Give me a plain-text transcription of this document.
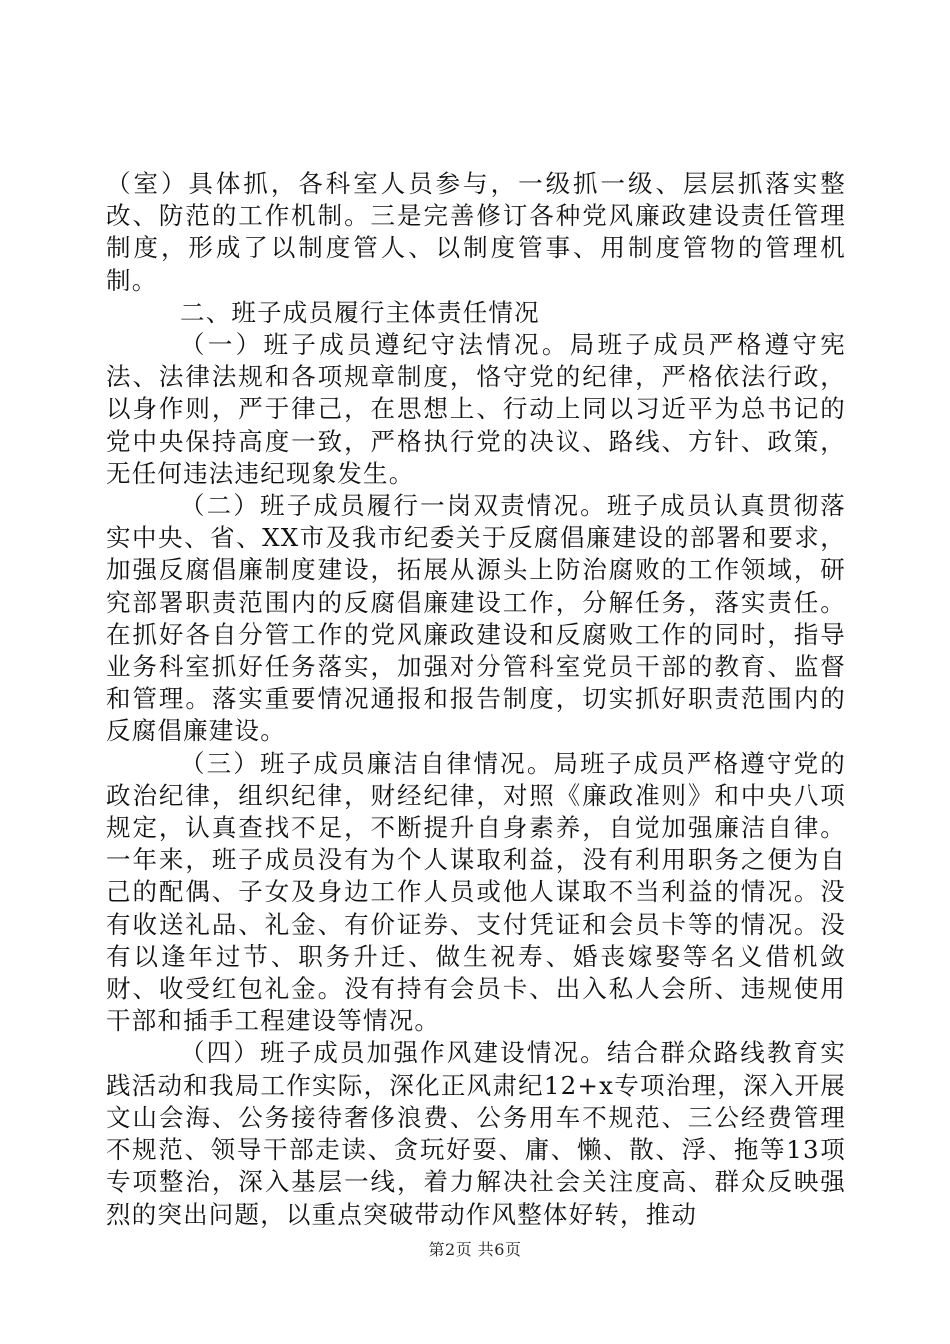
（室）具体抓，各科室人员参与，一级抓一级、层层抓落实整改、防范的工作机制。三是完善修订各种党风廉政建设责任管理制度，形成了以制度管人、以制度管事、用制度管物的管理机制。

二、班子成员履行主体责任情况

（一）班子成员遵纪守法情况。局班子成员严格遵守宪法、法律法规和各项规章制度，恪守党的纪律，严格依法行政，以身作则，严于律己，在思想上、行动上同以习近平为总书记的党中央保持高度一致，严格执行党的决议、路线、方针、政策，无任何违法违纪现象发生。

（二）班子成员履行一岗双责情况。班子成员认真贯彻落实中央、省、XX市及我市纪委关于反腐倡廉建设的部署和要求，加强反腐倡廉制度建设，拓展从源头上防治腐败的工作领域，研究部署职责范围内的反腐倡廉建设工作，分解任务，落实责任。在抓好各自分管工作的党风廉政建设和反腐败工作的同时，指导业务科室抓好任务落实，加强对分管科室党员干部的教育、监督和管理。落实重要情况通报和报告制度，切实抓好职责范围内的反腐倡廉建设。

（三）班子成员廉洁自律情况。局班子成员严格遵守党的政治纪律，组织纪律，财经纪律，对照《廉政准则》和中央八项规定，认真查找不足，不断提升自身素养，自觉加强廉洁自律。一年来，班子成员没有为个人谋取利益，没有利用职务之便为自己的配偶、子女及身边工作人员或他人谋取不当利益的情况。没有收送礼品、礼金、有价证券、支付凭证和会员卡等的情况。没有以逢年过节、职务升迁、做生祝寿、婚丧嫁娶等名义借机敛财、收受红包礼金。没有持有会员卡、出入私人会所、违规使用干部和插手工程建设等情况。

（四）班子成员加强作风建设情况。结合群众路线教育实践活动和我局工作实际，深化正风肃纪12+x专项治理，深入开展文山会海、公务接待奢侈浪费、公务用车不规范、三公经费管理不规范、领导干部走读、贪玩好耍、庸、懒、散、浮、拖等13项专项整治，深入基层一线，着力解决社会关注度高、群众反映强烈的突出问题，以重点突破带动作风整体好转，推动

第2页 共6页
